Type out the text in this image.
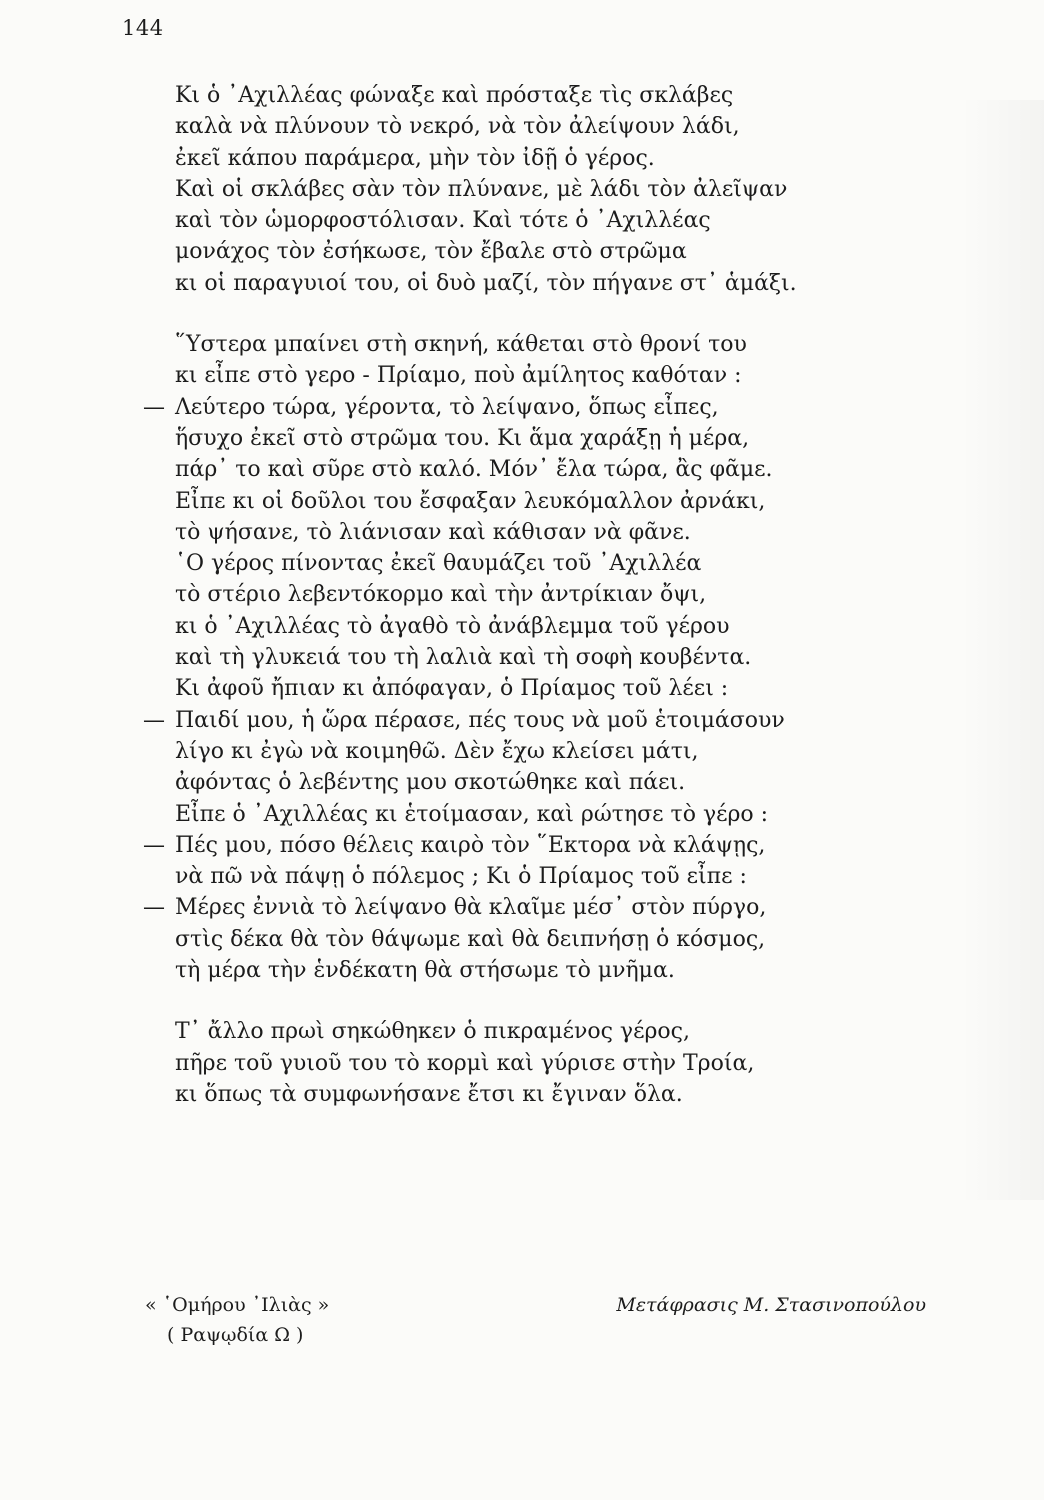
144
Κι ὁ ᾿Αχιλλέας φώναξε καὶ πρόσταξε τὶς σκλάβες
καλὰ νὰ πλύνουν τὸ νεκρό, νὰ τὸν ἀλείψουν λάδι,
ἐκεῖ κάπου παράμερα, μὴν τὸν ἰδῇ ὁ γέρος.
Καὶ οἱ σκλάβες σὰν τὸν πλύνανε, μὲ λάδι τὸν ἀλεῖψαν
καὶ τὸν ὡμορφοστόλισαν. Καὶ τότε ὁ ᾿Αχιλλέας
μονάχος τὸν ἐσήκωσε, τὸν ἔβαλε στὸ στρῶμα
κι οἱ παραγυιοί του, οἱ δυὸ μαζί, τὸν πήγανε στ᾿ ἁμάξι.
῞Υστερα μπαίνει στὴ σκηνή, κάθεται στὸ θρονί του
κι εἶπε στὸ γερο - Πρίαμο, ποὺ ἀμίλητος καθόταν :
— Λεύτερο τώρα, γέροντα, τὸ λείψανο, ὅπως εἶπες,
ἥσυχο ἐκεῖ στὸ στρῶμα του. Κι ἅμα χαράξῃ ἡ μέρα,
πάρ᾿ το καὶ σῦρε στὸ καλό. Μόν᾿ ἔλα τώρα, ἂς φᾶμε.
Εἶπε κι οἱ δοῦλοι του ἔσφαξαν λευκόμαλλον ἀρνάκι,
τὸ ψήσανε, τὸ λιάνισαν καὶ κάθισαν νὰ φᾶνε.
῾Ο γέρος πίνοντας ἐκεῖ θαυμάζει τοῦ ᾿Αχιλλέα
τὸ στέριο λεβεντόκορμο καὶ τὴν ἀντρίκιαν ὄψι,
κι ὁ ᾿Αχιλλέας τὸ ἀγαθὸ τὸ ἀνάβλεμμα τοῦ γέρου
καὶ τὴ γλυκειά του τὴ λαλιὰ καὶ τὴ σοφὴ κουβέντα.
Κι ἀφοῦ ἤπιαν κι ἀπόφαγαν, ὁ Πρίαμος τοῦ λέει :
— Παιδί μου, ἡ ὥρα πέρασε, πές τους νὰ μοῦ ἑτοιμάσουν
λίγο κι ἐγὼ νὰ κοιμηθῶ. Δὲν ἔχω κλείσει μάτι,
ἀφόντας ὁ λεβέντης μου σκοτώθηκε καὶ πάει.
Εἶπε ὁ ᾿Αχιλλέας κι ἑτοίμασαν, καὶ ρώτησε τὸ γέρο :
— Πές μου, πόσο θέλεις καιρὸ τὸν ῞Εκτορα νὰ κλάψῃς,
νὰ πῶ νὰ πάψῃ ὁ πόλεμος ; Κι ὁ Πρίαμος τοῦ εἶπε :
— Μέρες ἐννιὰ τὸ λείψανο θὰ κλαῖμε μέσ᾿ στὸν πύργο,
στὶς δέκα θὰ τὸν θάψωμε καὶ θὰ δειπνήσῃ ὁ κόσμος,
τὴ μέρα τὴν ἑνδέκατη θὰ στήσωμε τὸ μνῆμα.
Τ᾿ ἄλλο πρωὶ σηκώθηκεν ὁ πικραμένος γέρος,
πῆρε τοῦ γυιοῦ του τὸ κορμὶ καὶ γύρισε στὴν Τροία,
κι ὅπως τὰ συμφωνήσανε ἔτσι κι ἔγιναν ὅλα.
« ῾Ομήρου ᾿Ιλιὰς »
( Ραψῳδία Ω )
Μετάφρασις Μ. Στασινοπούλου
